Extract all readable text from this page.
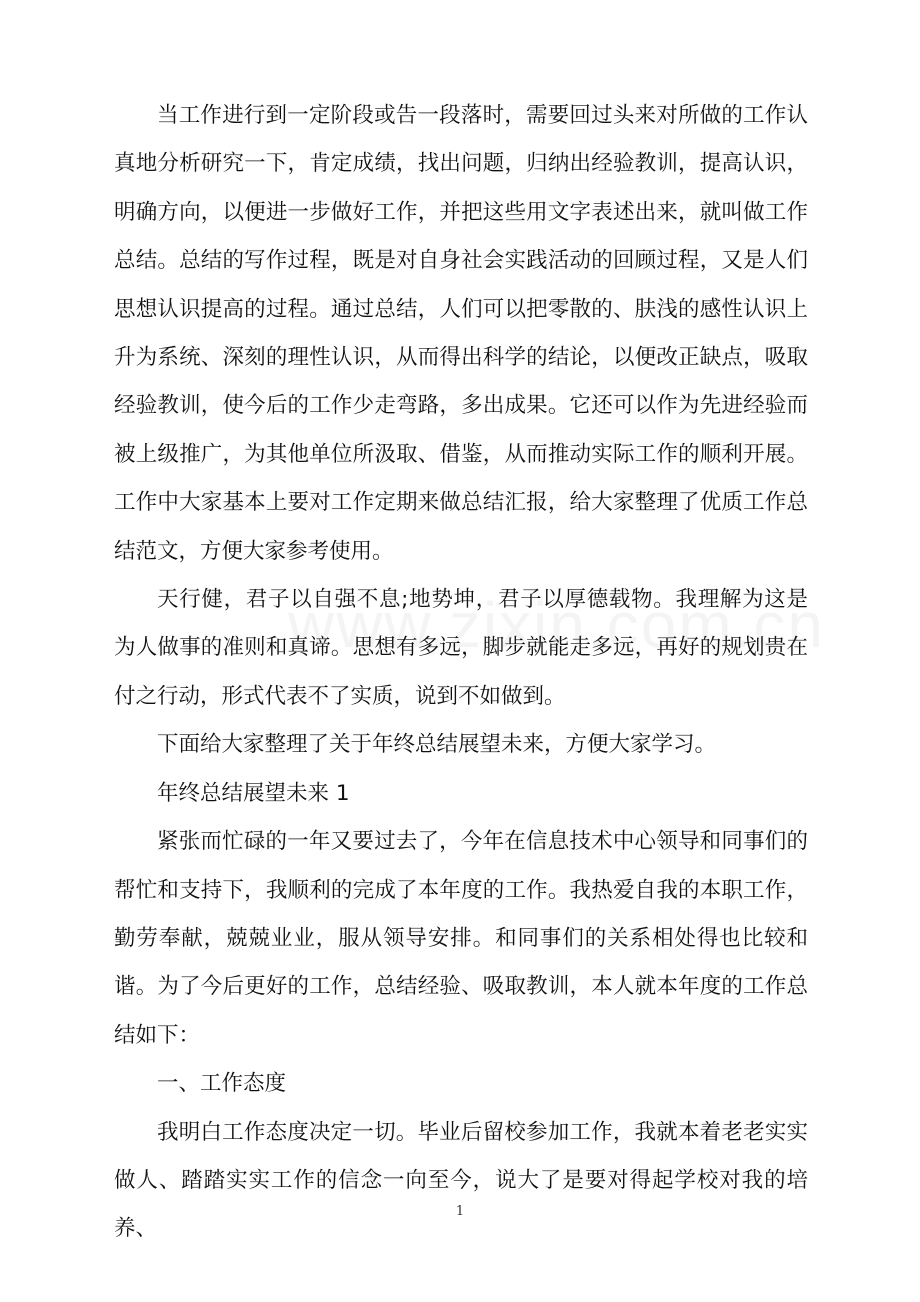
当工作进行到一定阶段或告一段落时，需要回过头来对所做的工作认真地分析研究一下，肯定成绩，找出问题，归纳出经验教训，提高认识，明确方向，以便进一步做好工作，并把这些用文字表述出来，就叫做工作总结。总结的写作过程，既是对自身社会实践活动的回顾过程，又是人们思想认识提高的过程。通过总结，人们可以把零散的、肤浅的感性认识上升为系统、深刻的理性认识，从而得出科学的结论，以便改正缺点，吸取经验教训，使今后的工作少走弯路，多出成果。它还可以作为先进经验而被上级推广，为其他单位所汲取、借鉴，从而推动实际工作的顺利开展。工作中大家基本上要对工作定期来做总结汇报，给大家整理了优质工作总结范文，方便大家参考使用。

天行健，君子以自强不息;地势坤，君子以厚德载物。我理解为这是为人做事的准则和真谛。思想有多远，脚步就能走多远，再好的规划贵在付之行动，形式代表不了实质，说到不如做到。

下面给大家整理了关于年终总结展望未来，方便大家学习。

年终总结展望未来 1

紧张而忙碌的一年又要过去了，今年在信息技术中心领导和同事们的帮忙和支持下，我顺利的完成了本年度的工作。我热爱自我的本职工作，勤劳奉献，兢兢业业，服从领导安排。和同事们的关系相处得也比较和谐。为了今后更好的工作，总结经验、吸取教训，本人就本年度的工作总结如下：

一、工作态度

我明白工作态度决定一切。毕业后留校参加工作，我就本着老老实实做人、踏踏实实工作的信念一向至今，说大了是要对得起学校对我的培养、

1
